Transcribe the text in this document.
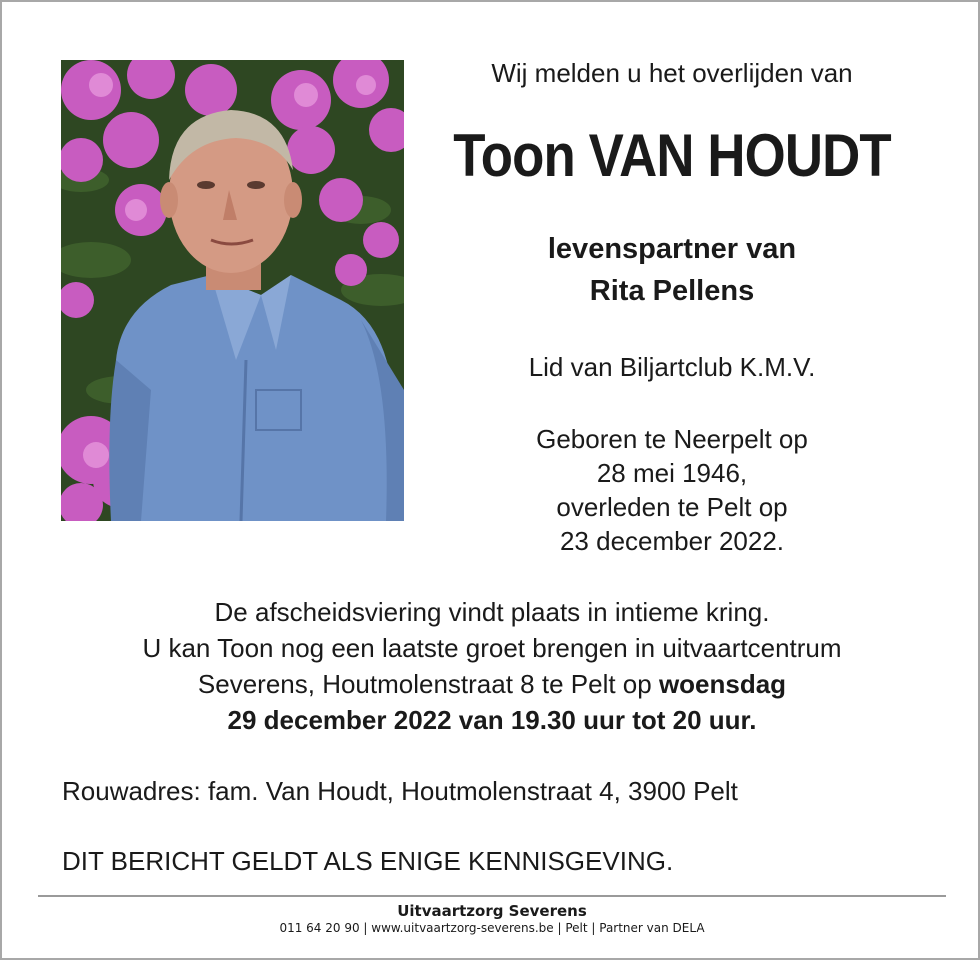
Wij melden u het overlijden van
Toon VAN HOUDT
levenspartner van
Rita Pellens
Lid van Biljartclub K.M.V.
Geboren te Neerpelt op
28 mei 1946,
overleden te Pelt op
23 december 2022.
De afscheidsviering vindt plaats in intieme kring.
U kan Toon nog een laatste groet brengen in uitvaartcentrum
Severens, Houtmolenstraat 8 te Pelt op woensdag
29 december 2022 van 19.30 uur tot 20 uur.
Rouwadres: fam. Van Houdt, Houtmolenstraat 4, 3900 Pelt
DIT BERICHT GELDT ALS ENIGE KENNISGEVING.
Uitvaartzorg Severens
011 64 20 90 | www.uitvaartzorg-severens.be | Pelt | Partner van DELA
